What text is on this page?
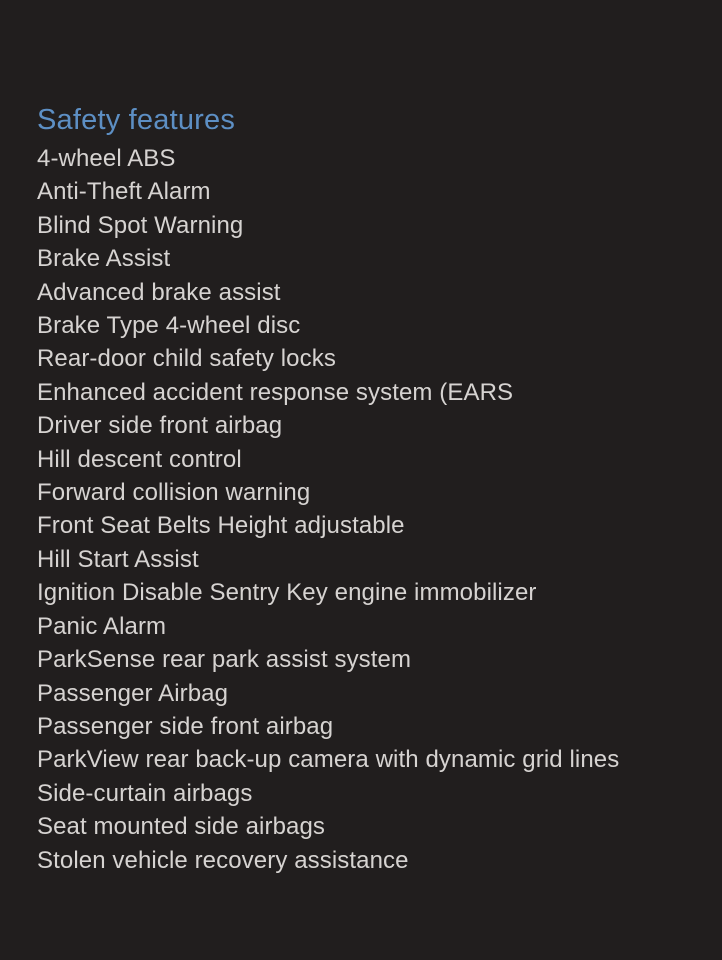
Safety features
4-wheel ABS
Anti-Theft Alarm
Blind Spot Warning
Brake Assist
Advanced brake assist
Brake Type 4-wheel disc
Rear-door child safety locks
Enhanced accident response system (EARS
Driver side front airbag
Hill descent control
Forward collision warning
Front Seat Belts Height adjustable
Hill Start Assist
Ignition Disable Sentry Key engine immobilizer
Panic Alarm
ParkSense rear park assist system
Passenger Airbag
Passenger side front airbag
ParkView rear back-up camera with dynamic grid lines
Side-curtain airbags
Seat mounted side airbags
Stolen vehicle recovery assistance
